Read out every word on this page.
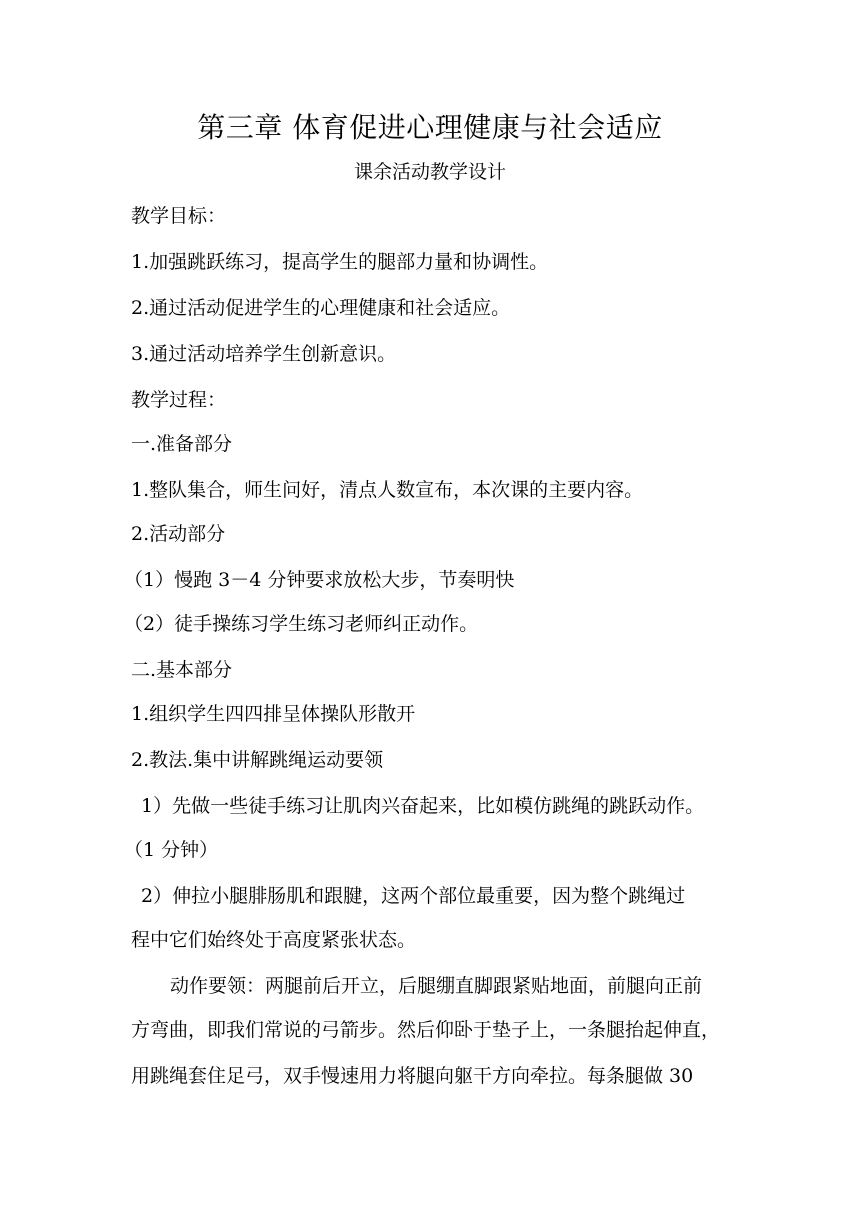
第三章 体育促进心理健康与社会适应
课余活动教学设计
教学目标：
1.加强跳跃练习，提高学生的腿部力量和协调性。
2.通过活动促进学生的心理健康和社会适应。
3.通过活动培养学生创新意识。
教学过程：
一.准备部分
1.整队集合，师生问好，清点人数宣布，本次课的主要内容。
2.活动部分
（1）慢跑 3－4 分钟要求放松大步，节奏明快
（2）徒手操练习学生练习老师纠正动作。
二.基本部分
1.组织学生四四排呈体操队形散开
2.教法.集中讲解跳绳运动要领
1）先做一些徒手练习让肌肉兴奋起来，比如模仿跳绳的跳跃动作。
（1 分钟）
2）伸拉小腿腓肠肌和跟腱，这两个部位最重要，因为整个跳绳过
程中它们始终处于高度紧张状态。
动作要领：两腿前后开立，后腿绷直脚跟紧贴地面，前腿向正前
方弯曲，即我们常说的弓箭步。然后仰卧于垫子上，一条腿抬起伸直，
用跳绳套住足弓，双手慢速用力将腿向躯干方向牵拉。每条腿做 30
